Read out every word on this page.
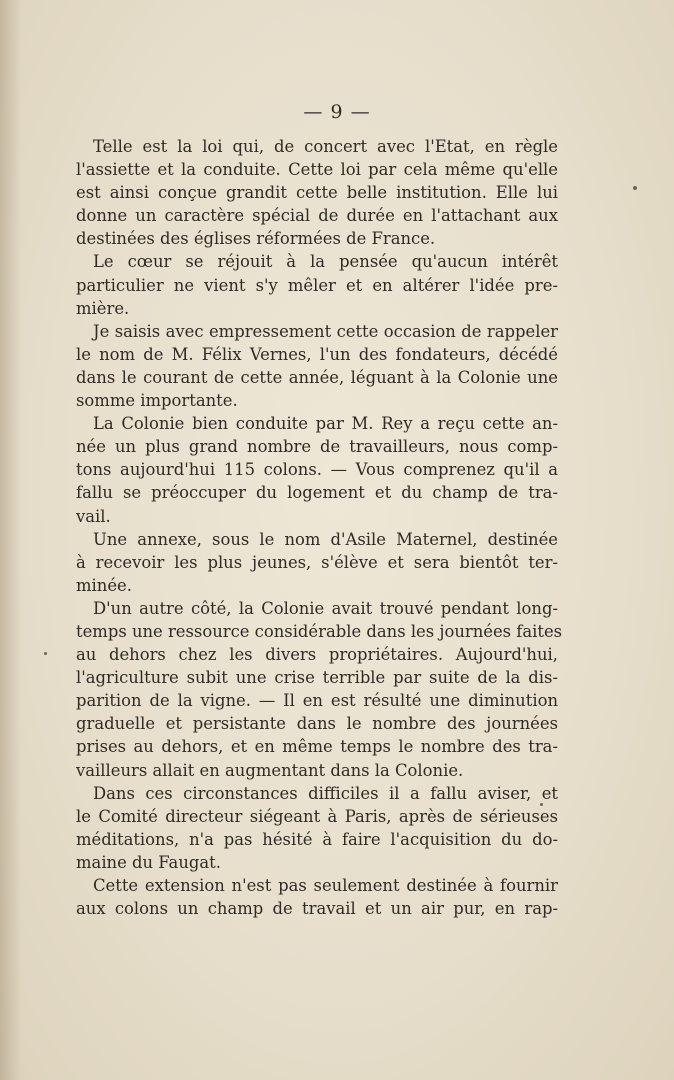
— 9 —
Telle est la loi qui, de concert avec l'Etat, en règle
l'assiette et la conduite. Cette loi par cela même qu'elle
est ainsi conçue grandit cette belle institution. Elle lui
donne un caractère spécial de durée en l'attachant aux
destinées des églises réformées de France.
Le cœur se réjouit à la pensée qu'aucun intérêt
particulier ne vient s'y mêler et en altérer l'idée pre-
mière.
Je saisis avec empressement cette occasion de rappeler
le nom de M. Félix Vernes, l'un des fondateurs, décédé
dans le courant de cette année, léguant à la Colonie une
somme importante.
La Colonie bien conduite par M. Rey a reçu cette an-
née un plus grand nombre de travailleurs, nous comp-
tons aujourd'hui 115 colons. — Vous comprenez qu'il a
fallu se préoccuper du logement et du champ de tra-
vail.
Une annexe, sous le nom d'Asile Maternel, destinée
à recevoir les plus jeunes, s'élève et sera bientôt ter-
minée.
D'un autre côté, la Colonie avait trouvé pendant long-
temps une ressource considérable dans les journées faites
au dehors chez les divers propriétaires. Aujourd'hui,
l'agriculture subit une crise terrible par suite de la dis-
parition de la vigne. — Il en est résulté une diminution
graduelle et persistante dans le nombre des journées
prises au dehors, et en même temps le nombre des tra-
vailleurs allait en augmentant dans la Colonie.
Dans ces circonstances difficiles il a fallu aviser, et
le Comité directeur siégeant à Paris, après de sérieuses
méditations, n'a pas hésité à faire l'acquisition du do-
maine du Faugat.
Cette extension n'est pas seulement destinée à fournir
aux colons un champ de travail et un air pur, en rap-
